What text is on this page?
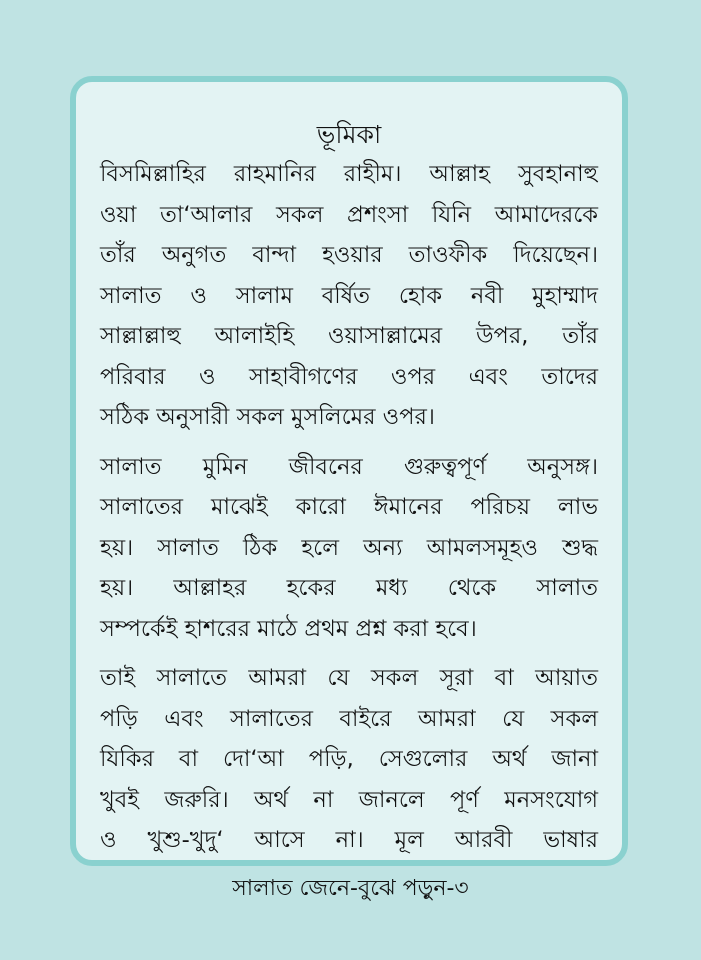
ভূমিকা
বিসমিল্লাহির রাহমানির রাহীম। আল্লাহ সুবহানাহু
ওয়া তা‘আলার সকল প্রশংসা যিনি আমাদেরকে
তাঁর অনুগত বান্দা হওয়ার তাওফীক দিয়েছেন।
সালাত ও সালাম বর্ষিত হোক নবী মুহাম্মাদ
সাল্লাল্লাহু আলাইহি ওয়াসাল্লামের উপর, তাঁর
পরিবার ও সাহাবীগণের ওপর এবং তাদের
সঠিক অনুসারী সকল মুসলিমের ওপর।
সালাত মুমিন জীবনের গুরুত্বপূর্ণ অনুসঙ্গ।
সালাতের মাঝেই কারো ঈমানের পরিচয় লাভ
হয়। সালাত ঠিক হলে অন্য আমলসমূহও শুদ্ধ
হয়। আল্লাহর হকের মধ্য থেকে সালাত
সম্পর্কেই হাশরের মাঠে প্রথম প্রশ্ন করা হবে।
তাই সালাতে আমরা যে সকল সূরা বা আয়াত
পড়ি এবং সালাতের বাইরে আমরা যে সকল
যিকির বা দো‘আ পড়ি, সেগুলোর অর্থ জানা
খুবই জরুরি। অর্থ না জানলে পূর্ণ মনসংযোগ
ও খুশু-খুদু‘ আসে না। মূল আরবী ভাষার
সালাত জেনে-বুঝে পড়ুন-৩
